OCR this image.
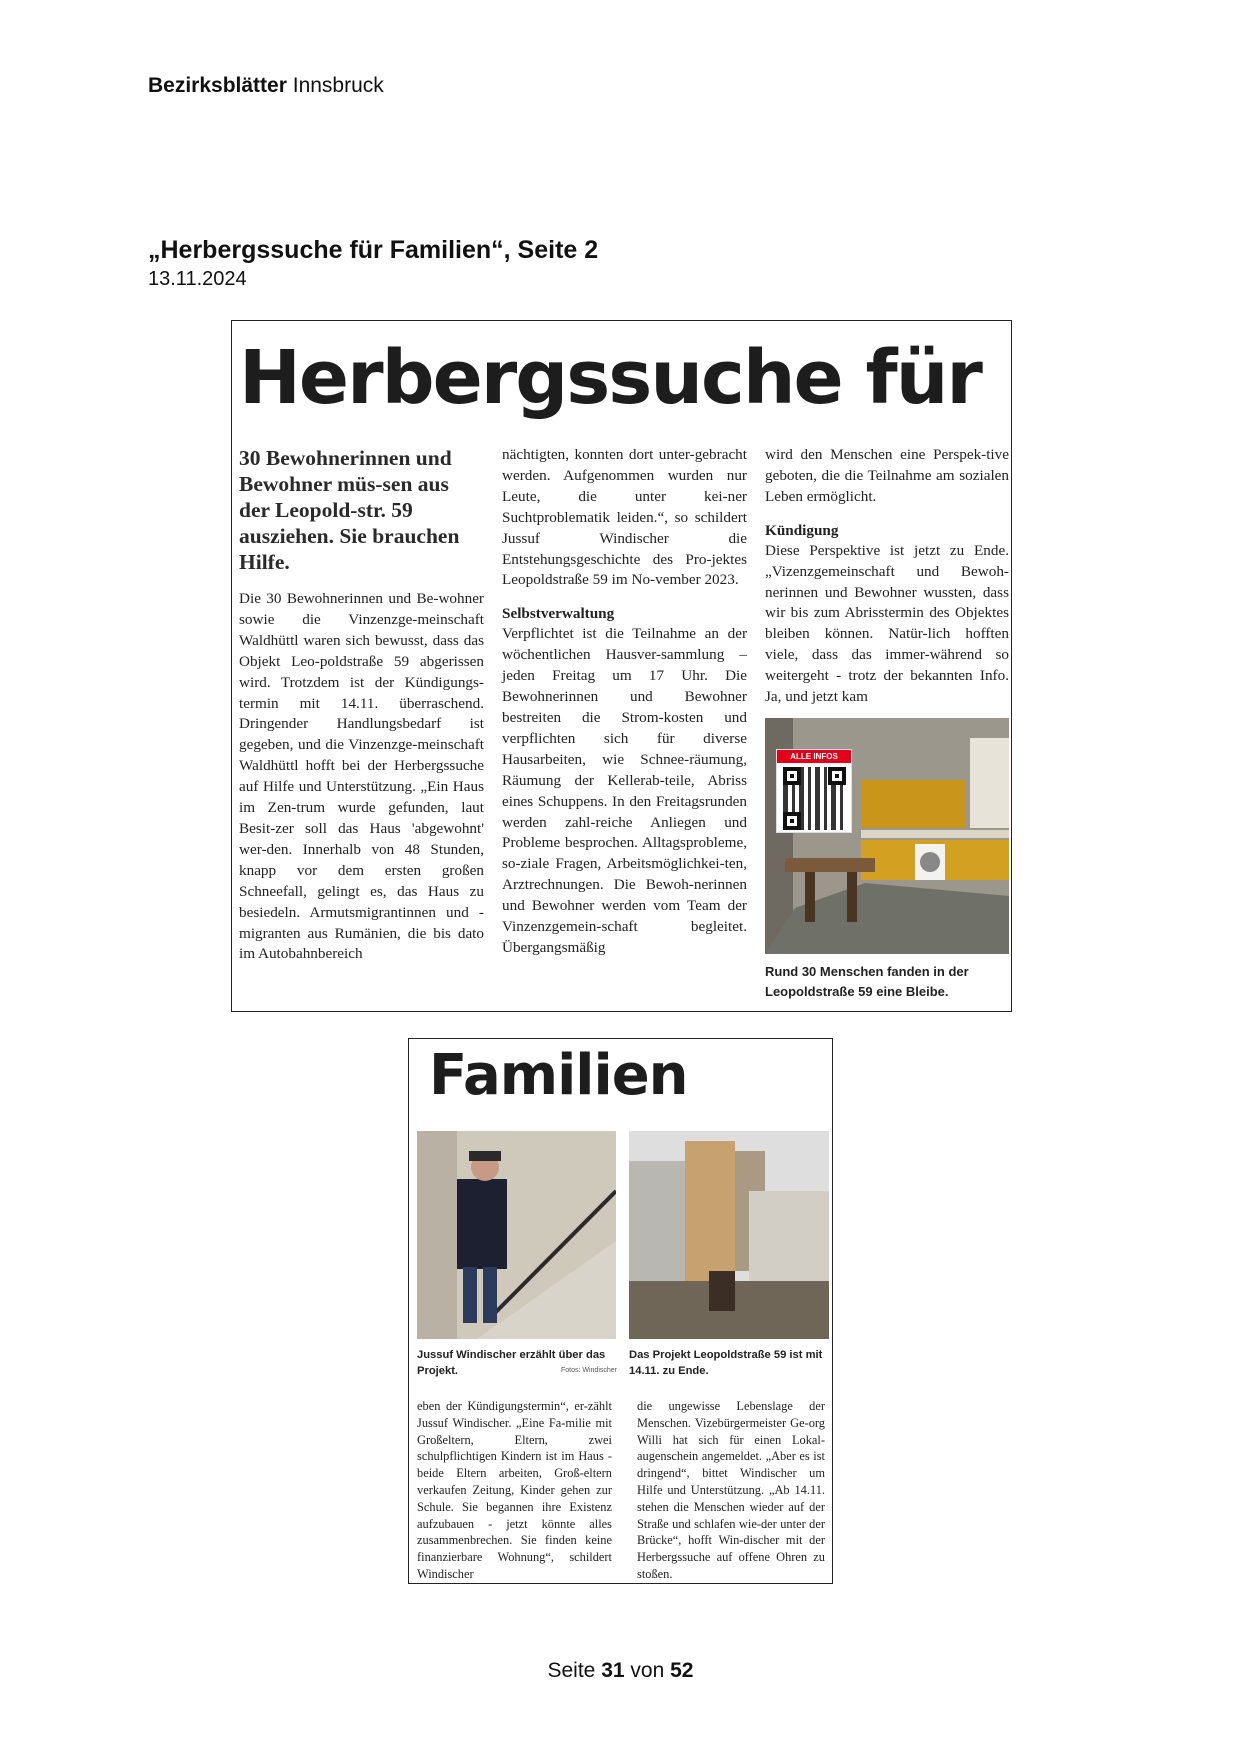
Bezirksblätter Innsbruck
„Herbergssuche für Familien“, Seite 2
13.11.2024
Herbergssuche für

30 Bewohnerinnen und Bewohner müs-sen aus der Leopold-str. 59 ausziehen. Sie brauchen Hilfe.

Die 30 Bewohnerinnen und Be-wohner sowie die Vinzenzge-meinschaft Waldhüttl waren sich bewusst, dass das Objekt Leo-poldstraße 59 abgerissen wird. Trotzdem ist der Kündigungs-termin mit 14.11. überraschend. Dringender Handlungsbedarf ist gegeben, und die Vinzenzge-meinschaft Waldhüttl hofft bei der Herbergssuche auf Hilfe und Unterstützung. „Ein Haus im Zen-trum wurde gefunden, laut Besit-zer soll das Haus 'abgewohnt' wer-den. Innerhalb von 48 Stunden, knapp vor dem ersten großen Schneefall, gelingt es, das Haus zu besiedeln. Armutsmigrantinnen und -migranten aus Rumänien, die bis dato im Autobahnbereich

nächtigten, konnten dort unter-gebracht werden. Aufgenommen wurden nur Leute, die unter kei-ner Suchtproblematik leiden.“, so schildert Jussuf Windischer die Entstehungsgeschichte des Pro-jektes Leopoldstraße 59 im No-vember 2023.

Selbstverwaltung

Verpflichtet ist die Teilnahme an der wöchentlichen Hausver-sammlung – jeden Freitag um 17 Uhr. Die Bewohnerinnen und Bewohner bestreiten die Strom-kosten und verpflichten sich für diverse Hausarbeiten, wie Schnee-räumung, Räumung der Kellerab-teile, Abriss eines Schuppens. In den Freitagsrunden werden zahl-reiche Anliegen und Probleme besprochen. Alltagsprobleme, so-ziale Fragen, Arbeitsmöglichkei-ten, Arztrechnungen. Die Bewoh-nerinnen und Bewohner werden vom Team der Vinzenzgemein-schaft begleitet. Übergangsmäßig

wird den Menschen eine Perspek-tive geboten, die die Teilnahme am sozialen Leben ermöglicht.

Kündigung

Diese Perspektive ist jetzt zu Ende. „Vizenzgemeinschaft und Bewoh-nerinnen und Bewohner wussten, dass wir bis zum Abrisstermin des Objektes bleiben können. Natür-lich hofften viele, dass das immer-während so weitergeht - trotz der bekannten Info. Ja, und jetzt kam

ALLE INFOS
Rund 30 Menschen fanden in der Leopoldstraße 59 eine Bleibe.
Familien
Jussuf Windischer erzählt über das Projekt.	Fotos: Windischer
Das Projekt Leopoldstraße 59 ist mit 14.11. zu Ende.

eben der Kündigungstermin“, er-zählt Jussuf Windischer. „Eine Fa-milie mit Großeltern, Eltern, zwei schulpflichtigen Kindern ist im Haus - beide Eltern arbeiten, Groß-eltern verkaufen Zeitung, Kinder gehen zur Schule. Sie begannen ihre Existenz aufzubauen - jetzt könnte alles zusammenbrechen. Sie finden keine finanzierbare Wohnung“, schildert Windischer

die ungewisse Lebenslage der Menschen. Vizebürgermeister Ge-org Willi hat sich für einen Lokal-augenschein angemeldet. „Aber es ist dringend“, bittet Windischer um Hilfe und Unterstützung. „Ab 14.11. stehen die Menschen wieder auf der Straße und schlafen wie-der unter der Brücke“, hofft Win-discher mit der Herbergssuche auf offene Ohren zu stoßen.

Seite 31 von 52
